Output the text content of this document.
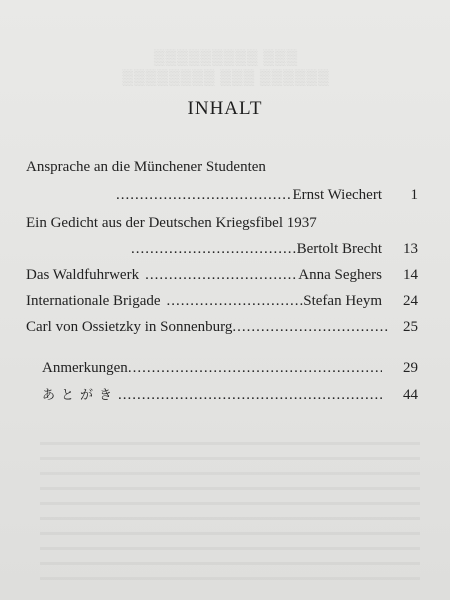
▒▒▒ ▒▒▒▒▒▒▒▒▒
▒▒▒▒▒▒ ▒▒▒ ▒▒▒▒▒▒▒▒
INHALT
Ansprache an die Münchener Studenten
.....
Ernst Wiechert	1
Ein Gedicht aus der Deutschen Kriegsfibel 1937
.....
Bertolt Brecht	13
Das Waldfuhrwerk .....	Anna Seghers	14
Internationale Brigade .....	Stefan Heym	24
Carl von Ossietzky in Sonnenburg .....	25
Anmerkungen .....	29
あとがき .....	44
